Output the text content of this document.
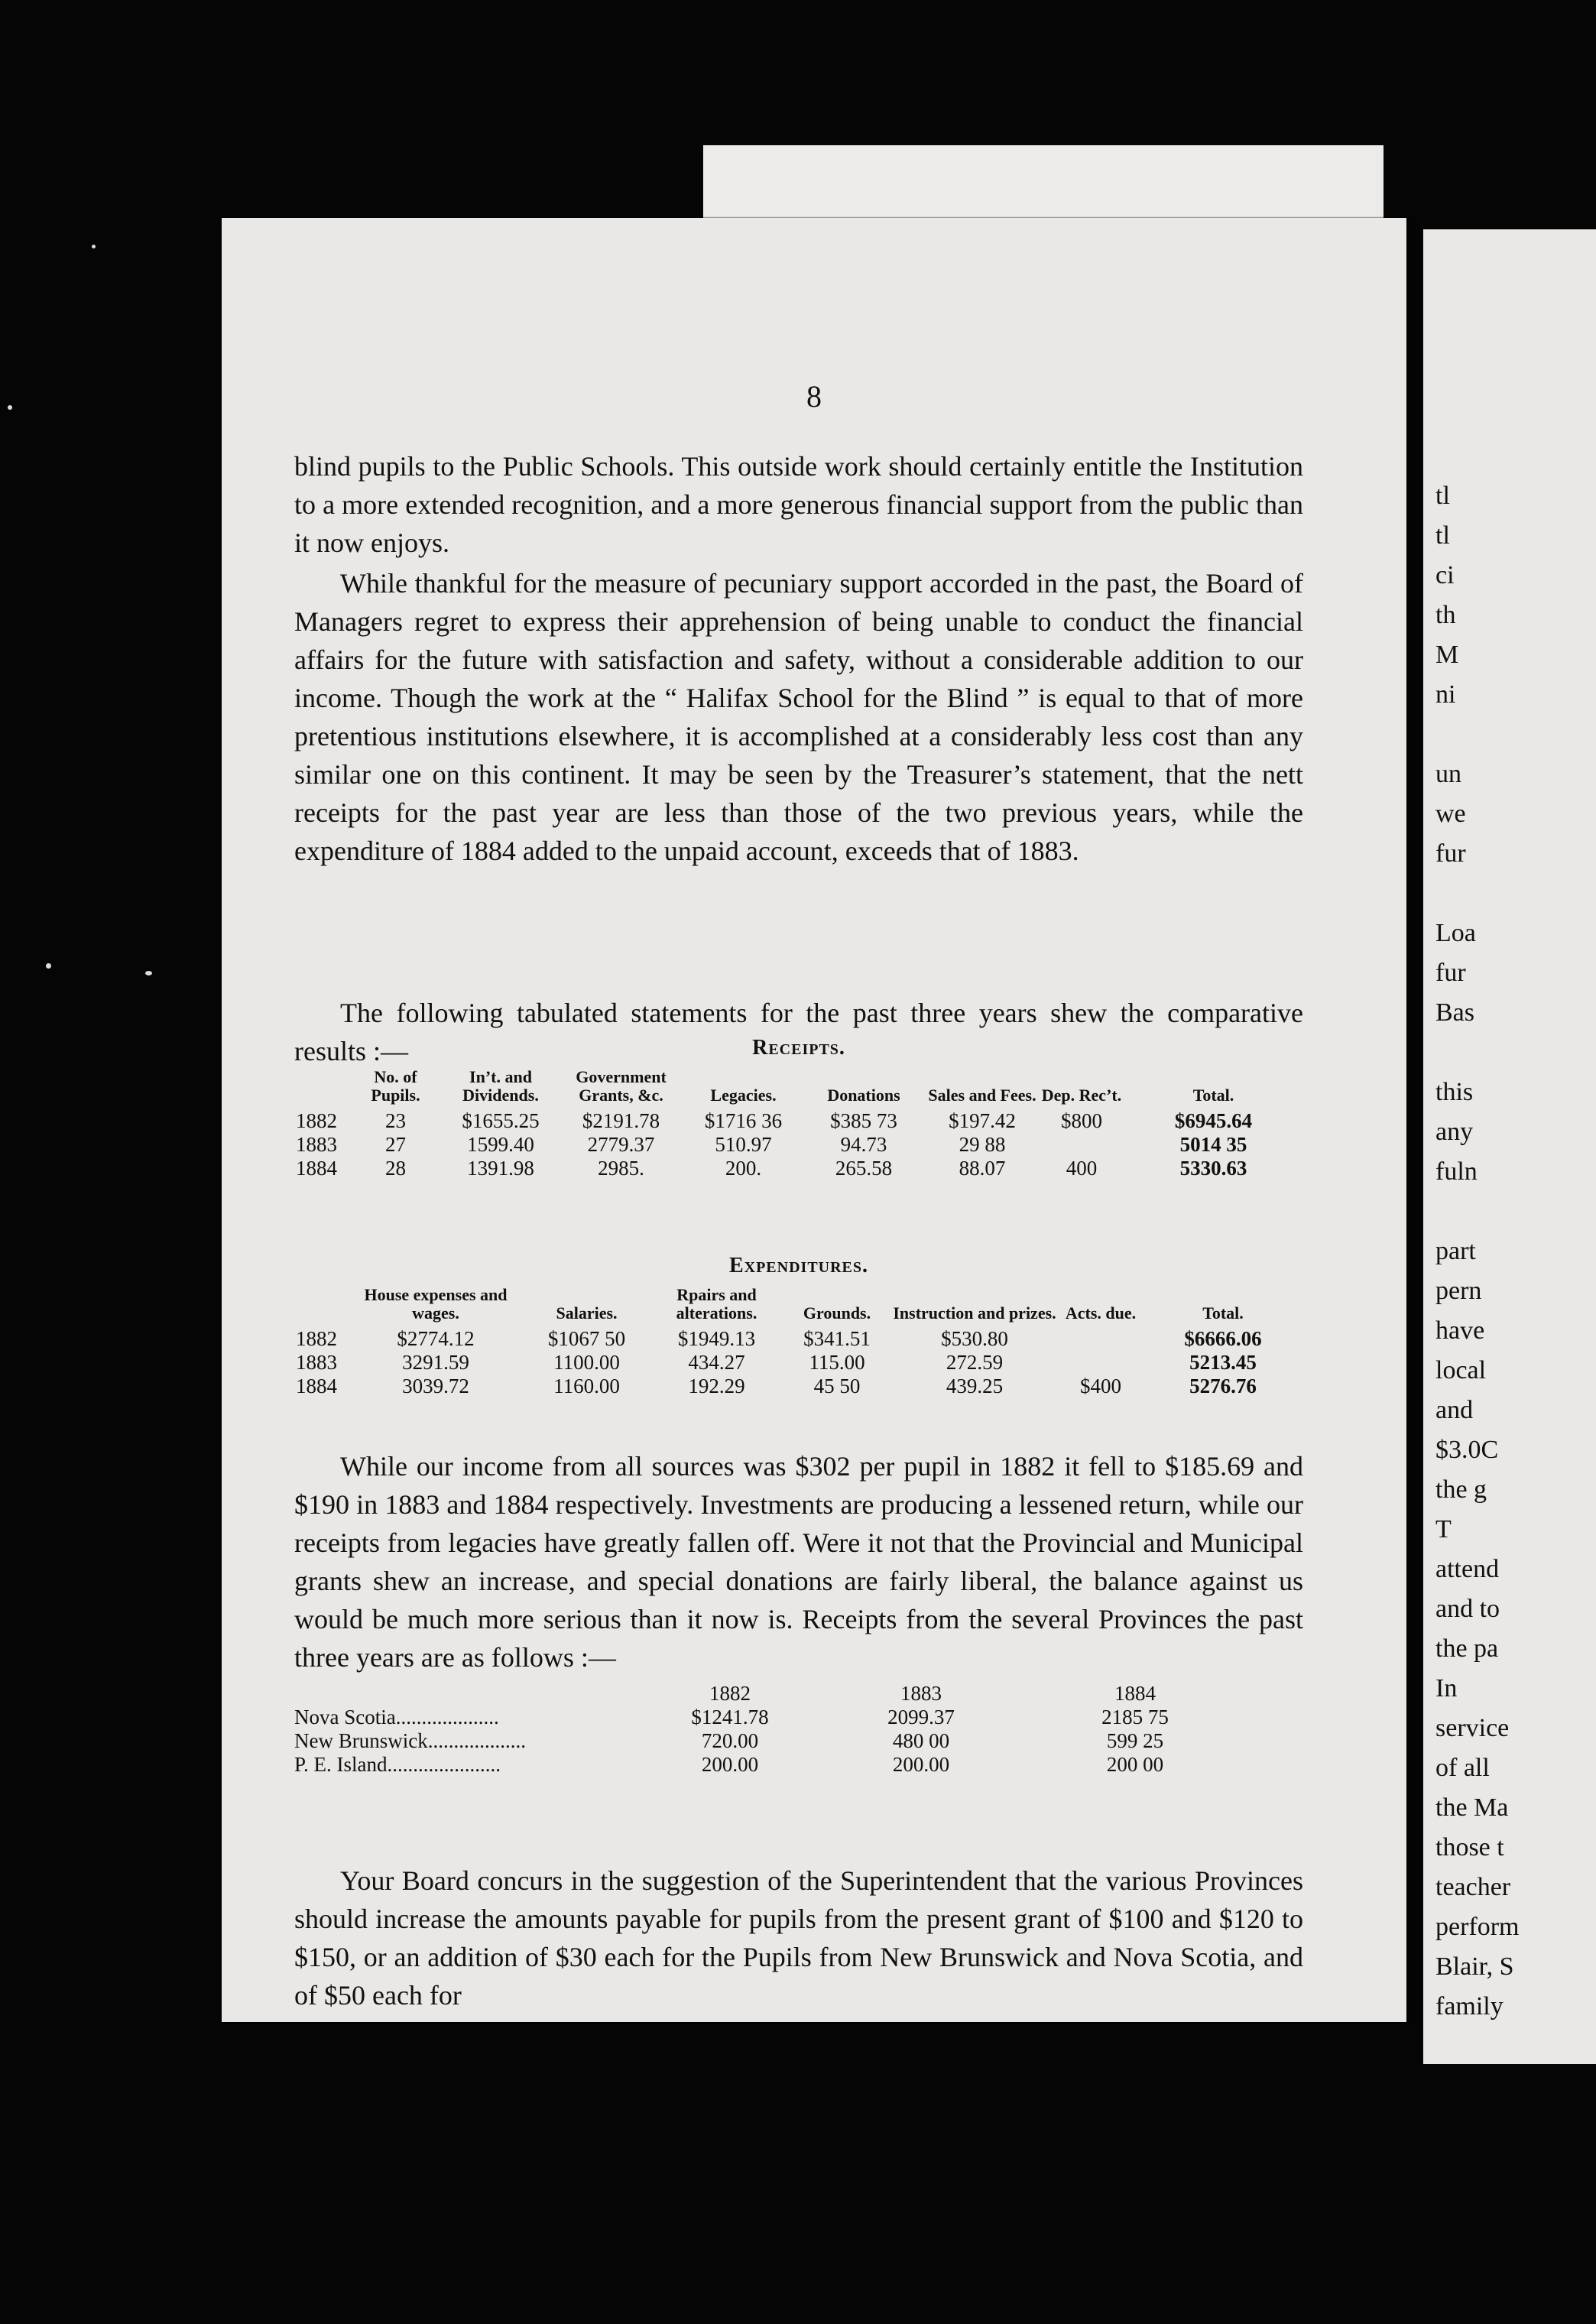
8

blind pupils to the Public Schools. This outside work should certainly entitle the Institution to a more extended recognition, and a more generous financial support from the public than it now enjoys.

While thankful for the measure of pecuniary support accorded in the past, the Board of Managers regret to express their apprehension of being unable to conduct the financial affairs for the future with satisfaction and safety, without a considerable addition to our income. Though the work at the “ Halifax School for the Blind ” is equal to that of more pretentious institutions elsewhere, it is accomplished at a considerably less cost than any similar one on this continent. It may be seen by the Treasurer’s statement, that the nett receipts for the past year are less than those of the two previous years, while the expenditure of 1884 added to the unpaid account, exceeds that of 1883.

The following tabulated statements for the past three years shew the comparative results :—	Receipts.
	No. of Pupils.	In’t. and Dividends.	Government Grants, &c.	Legacies.	Donations	Sales and Fees.	Dep. Rec’t.	Total.
1882	23	$1655.25	$2191.78	$1716 36	$385 73	$197.42	$800	$6945.64
1883	27	1599.40	2779.37	510.97	94.73	29 88		5014 35
1884	28	1391.98	2985.	200.	265.58	88.07	400	5330.63
Expenditures.
	House expenses and wages.	Salaries.	Rpairs and alterations.	Grounds.	Instruction and prizes.	Acts. due.	Total.
1882	$2774.12	$1067 50	$1949.13	$341.51	$530.80		$6666.06
1883	3291.59	1100.00	434.27	115.00	272.59		5213.45
1884	3039.72	1160.00	192.29	45 50	439.25	$400	5276.76

While our income from all sources was $302 per pupil in 1882 it fell to $185.69 and $190 in 1883 and 1884 respectively. Investments are producing a lessened return, while our receipts from legacies have greatly fallen off. Were it not that the Provincial and Municipal grants shew an increase, and special donations are fairly liberal, the balance against us would be much more serious than it now is. Receipts from the several Provinces the past three years are as follows :—

	1882	1883	1884
Nova Scotia....................	$1241.78	2099.37	2185 75
New Brunswick...................	720.00	480 00	599 25
P. E. Island......................	200.00	200.00	200 00

Your Board concurs in the suggestion of the Superintendent that the various Provinces should increase the amounts payable for pupils from the present grant of $100 and $120 to $150, or an addition of $30 each for the Pupils from New Brunswick and Nova Scotia, and of $50 each for

tl
tl
ci
th
M
ni
un
we
fur
Loa
fur
Bas
this
any
fuln
part
pern
have
local
and
$3.0C
the g
T
attend
and to
the pa
In
service
of all
the Ma
those t
teacher
perform
Blair, S
family
